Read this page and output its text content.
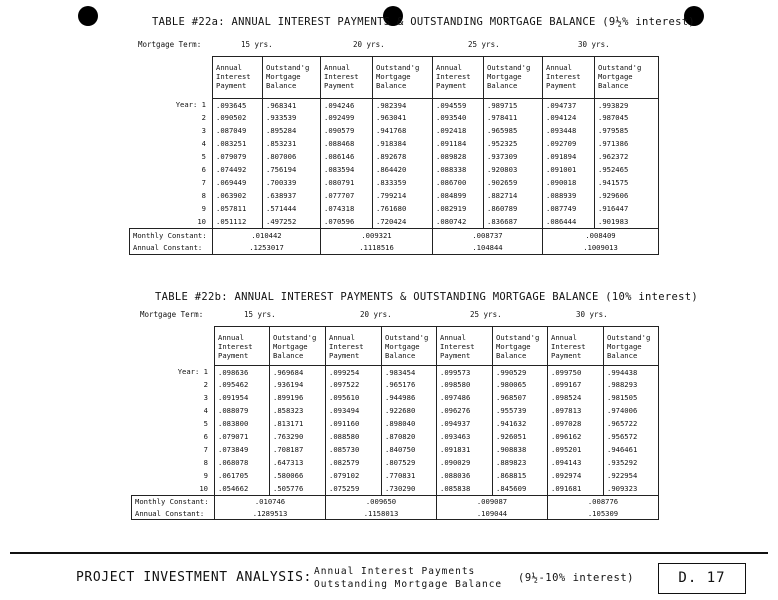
TABLE #22a: ANNUAL INTEREST PAYMENTS & OUTSTANDING MORTGAGE BALANCE (9½% interest)
Mortgage Term:	15 yrs.	20 yrs.	25 yrs.	30 yrs.
	Annual
Interest
Payment	Outstand'g
Mortgage
Balance	Annual
Interest
Payment	Outstand'g
Mortgage
Balance	Annual
Interest
Payment	Outstand'g
Mortgage
Balance	Annual
Interest
Payment	Outstand'g
Mortgage
Balance
Year: 1	.093645	.968341	.094246	.982394	.094559	.989715	.094737	.993829
2	.090502	.933539	.092499	.963041	.093540	.978411	.094124	.987045
3	.087049	.895284	.090579	.941768	.092418	.965985	.093448	.979585
4	.083251	.853231	.088468	.918384	.091184	.952325	.092709	.971386
5	.079079	.807006	.086146	.892678	.089828	.937309	.091894	.962372
6	.074492	.756194	.083594	.864420	.088338	.920803	.091001	.952465
7	.069449	.700339	.080791	.833359	.086700	.902659	.090018	.941575
8	.063902	.638937	.077707	.799214	.084899	.882714	.088939	.929606
9	.057811	.571444	.074318	.761680	.082919	.860789	.087749	.916447
10	.051112	.497252	.070596	.720424	.080742	.836687	.086444	.901983
Monthly Constant:	.010442		.009321		.008737		.008409	
Annual Constant:	.1253017		.1118516		.104844		.1009013	
TABLE #22b: ANNUAL INTEREST PAYMENTS & OUTSTANDING MORTGAGE BALANCE (10% interest)
Mortgage Term:	15 yrs.	20 yrs.	25 yrs.	30 yrs.
	Annual
Interest
Payment	Outstand'g
Mortgage
Balance	Annual
Interest
Payment	Outstand'g
Mortgage
Balance	Annual
Interest
Payment	Outstand'g
Mortgage
Balance	Annual
Interest
Payment	Outstand'g
Mortgage
Balance
Year: 1	.098636	.969684	.099254	.983454	.099573	.990529	.099750	.994438
2	.095462	.936194	.097522	.965176	.098580	.980065	.099167	.988293
3	.091954	.899196	.095610	.944986	.097486	.968507	.098524	.981505
4	.088079	.858323	.093494	.922680	.096276	.955739	.097813	.974006
5	.083800	.813171	.091160	.898040	.094937	.941632	.097028	.965722
6	.079071	.763290	.088580	.870820	.093463	.926051	.096162	.956572
7	.073849	.708187	.085730	.840750	.091831	.908838	.095201	.946461
8	.068078	.647313	.082579	.807529	.090029	.889823	.094143	.935292
9	.061705	.580066	.079102	.770831	.088036	.868815	.092974	.922954
10	.054662	.505776	.075259	.730290	.085838	.845609	.091681	.909323
Monthly Constant:	.010746		.009650		.009087		.008776	
Annual Constant:	.1289513		.1158013		.109044		.105309	
PROJECT INVESTMENT ANALYSIS: Annual Interest Payments
Outstanding Mortgage Balance
(9½-10% interest)	D. 17
